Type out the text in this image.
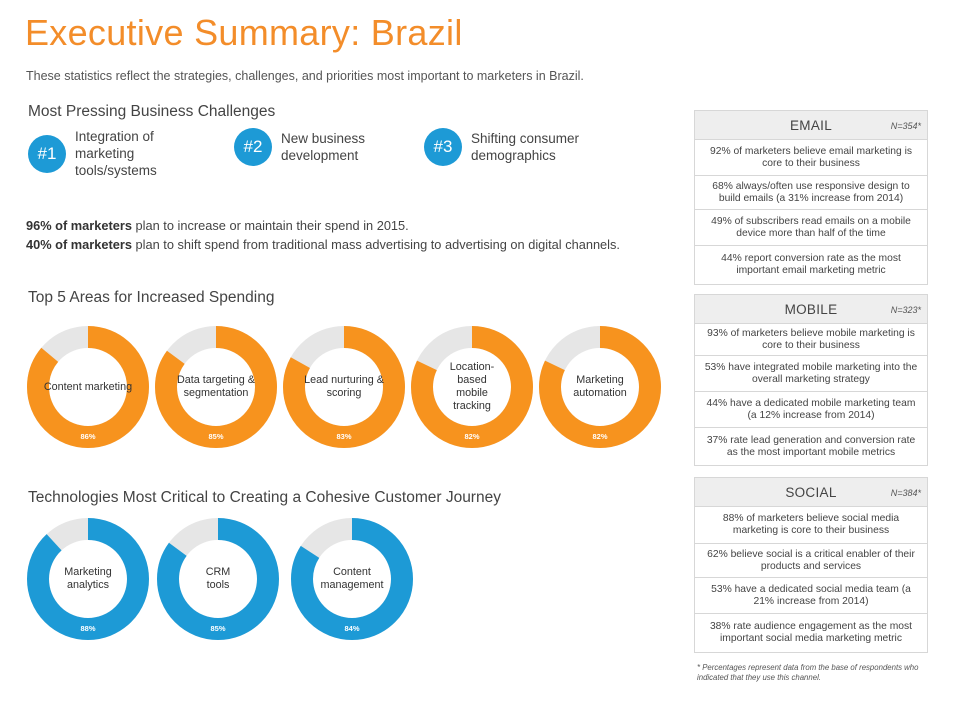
Executive Summary: Brazil
These statistics reflect the strategies, challenges, and priorities most important to marketers in Brazil.
Most Pressing Business Challenges
#1
Integration of marketing tools/systems
#2	New business development	#3	Shifting consumer demographics
96% of marketers plan to increase or maintain their spend in 2015.
40% of marketers plan to shift spend from traditional mass advertising to advertising on digital channels.
Top 5 Areas for Increased Spending
Content marketing
86%
Data targeting & segmentation
85%
Lead nurturing & scoring
83%
Location-based mobile tracking
82%
Marketing automation
82%
Technologies Most Critical to Creating a Cohesive Customer Journey
Marketing analytics
88%
CRM tools
85%
Content management
84%
EMAIL	N=354*
92% of marketers believe email marketing is core to their business
68% always/often use responsive design to build emails (a 31% increase from 2014)
49% of subscribers read emails on a mobile device more than half of the time
44% report conversion rate as the most important email marketing metric
MOBILE	N=323*
93% of marketers believe mobile marketing is core to their business
53% have integrated mobile marketing into the overall marketing strategy
44% have a dedicated mobile marketing team (a 12% increase from 2014)
37% rate lead generation and conversion rate as the most important mobile metrics
SOCIAL	N=384*
88% of marketers believe social media marketing is core to their business
62% believe social is a critical enabler of their products and services
53% have a dedicated social media team (a 21% increase from 2014)
38% rate audience engagement as the most important social media marketing metric
* Percentages represent data from the base of respondents who indicated that they use this channel.
